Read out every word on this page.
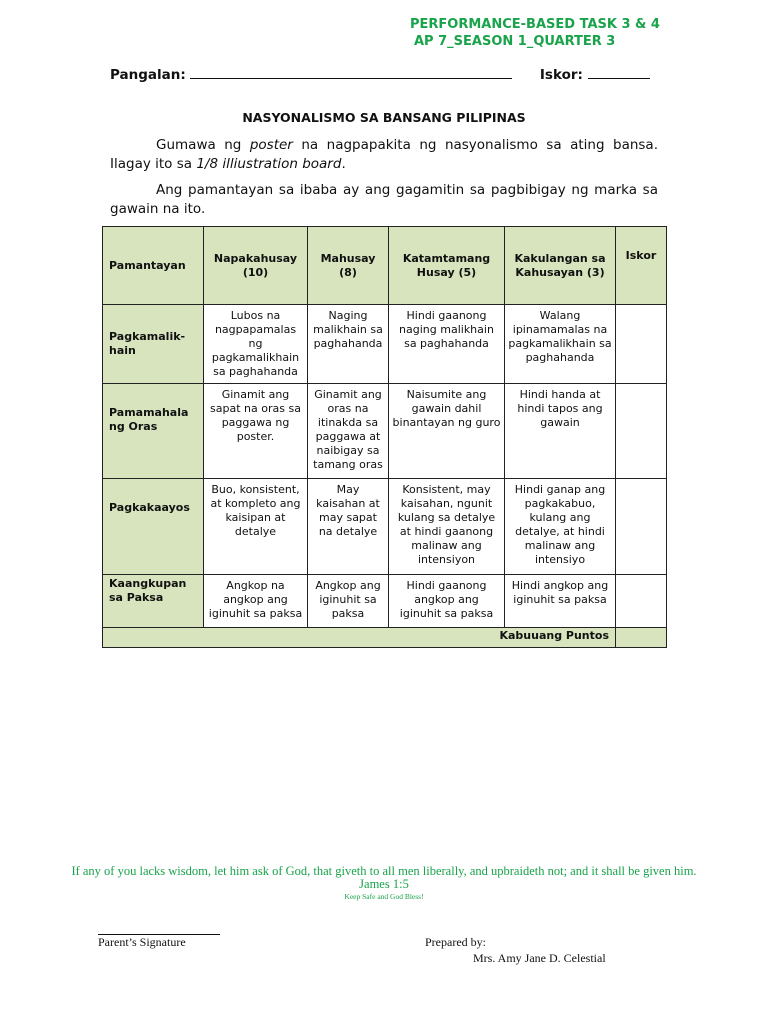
PERFORMANCE-BASED TASK 3 & 4
AP 7_SEASON 1_QUARTER 3
Pangalan:	Iskor:
NASYONALISMO SA BANSANG PILIPINAS
Gumawa ng poster na nagpapakita ng nasyonalismo sa ating bansa. Ilagay ito sa 1/8 illiustration board.
Ang pamantayan sa ibaba ay ang gagamitin sa pagbibigay ng marka sa gawain na ito.
Pamantayan	Napakahusay (10)	Mahusay (8)	Katamtamang Husay (5)	Kakulangan sa Kahusayan (3)	Iskor
Pagkamalik-hain	Lubos na nagpapamalas ng pagkamalikhain sa paghahanda	Naging malikhain sa paghahanda	Hindi gaanong naging malikhain sa paghahanda	Walang ipinamamalas na pagkamalikhain sa paghahanda	
Pamamahala ng Oras	Ginamit ang sapat na oras sa paggawa ng poster.	Ginamit ang oras na itinakda sa paggawa at naibigay sa tamang oras	Naisumite ang gawain dahil binantayan ng guro	Hindi handa at hindi tapos ang gawain	
Pagkakaayos	Buo, konsistent, at kompleto ang kaisipan at detalye	May kaisahan at may sapat na detalye	Konsistent, may kaisahan, ngunit kulang sa detalye at hindi gaanong malinaw ang intensiyon	Hindi ganap ang pagkakabuo, kulang ang detalye, at hindi malinaw ang intensiyo	
Kaangkupan sa Paksa	Angkop na angkop ang iginuhit sa paksa	Angkop ang iginuhit sa paksa	Hindi gaanong angkop ang iginuhit sa paksa	Hindi angkop ang iginuhit sa paksa	
Kabuuang Puntos					
If any of you lacks wisdom, let him ask of God, that giveth to all men liberally, and upbraideth not; and it shall be given him.
James 1:5
Keep Safe and God Bless!
Parent’s Signature	Prepared by:
Mrs. Amy Jane D. Celestial
